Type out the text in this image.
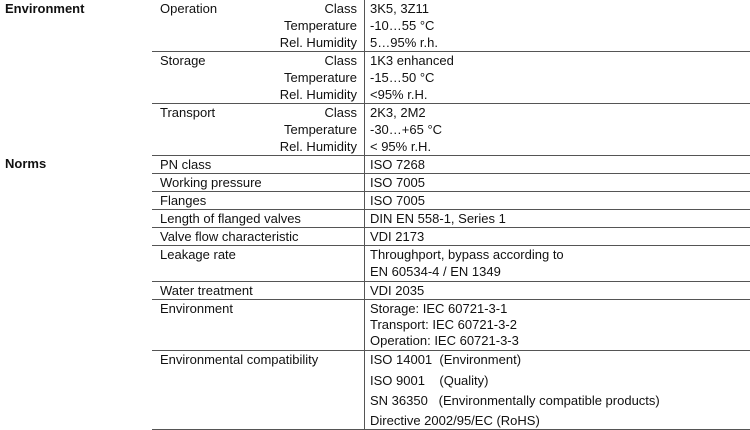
Environment
Norms
Operation	Class 3K5, 3Z11
Temperature -10…55 °C
Rel. Humidity 5…95% r.h.
Storage	Class 1K3 enhanced
Temperature -15…50 °C
Rel. Humidity <95% r.H.
Transport	Class 2K3, 2M2
Temperature -30…+65 °C
Rel. Humidity < 95% r.H.
PN class	ISO 7268
Working pressure	ISO 7005
Flanges	ISO 7005
Length of flanged valves	DIN EN 558-1, Series 1
Valve flow characteristic	VDI 2173
Leakage rate	Throughport, bypass according to
EN 60534-4 / EN 1349
Water treatment	VDI 2035
Environment	Storage: IEC 60721-3-1
Transport: IEC 60721-3-2
Operation: IEC 60721-3-3
Environmental compatibility	ISO 14001  (Environment)
ISO 9001    (Quality)
SN 36350   (Environmentally compatible products)
Directive 2002/95/EC (RoHS)
